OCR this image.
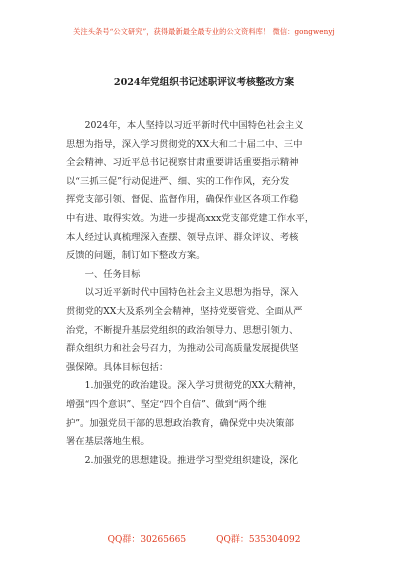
关注头条号“公文研究”，获得最新最全最专业的公文资料库！ 微信：gongwenyj
2024年党组织书记述职评议考核整改方案
　　2024年，本人坚持以习近平新时代中国特色社会主义
思想为指导，深入学习贯彻党的XX大和二十届二中、三中
全会精神、习近平总书记视察甘肃重要讲话重要指示精神
以“三抓三促”行动促进严、细、实的工作作风，充分发
挥党支部引领、督促、监督作用，确保作业区各项工作稳
中有进、取得实效。为进一步提高xxx党支部党建工作水平，
本人经过认真梳理深入查摆、领导点评、群众评议、考核
反馈的问题，制订如下整改方案。
　　一、任务目标
　　以习近平新时代中国特色社会主义思想为指导，深入
贯彻党的XX大及系列全会精神，坚持党要管党、全面从严
治党，不断提升基层党组织的政治领导力、思想引领力、
群众组织力和社会号召力，为推动公司高质量发展提供坚
强保障。具体目标包括：
　　1.加强党的政治建设。深入学习贯彻党的XX大精神，
增强“四个意识”、坚定“四个自信”、做到“两个维
护”。加强党员干部的思想政治教育，确保党中央决策部
署在基层落地生根。
　　2.加强党的思想建设。推进学习型党组织建设，深化
QQ群：30265665	QQ群：535304092
